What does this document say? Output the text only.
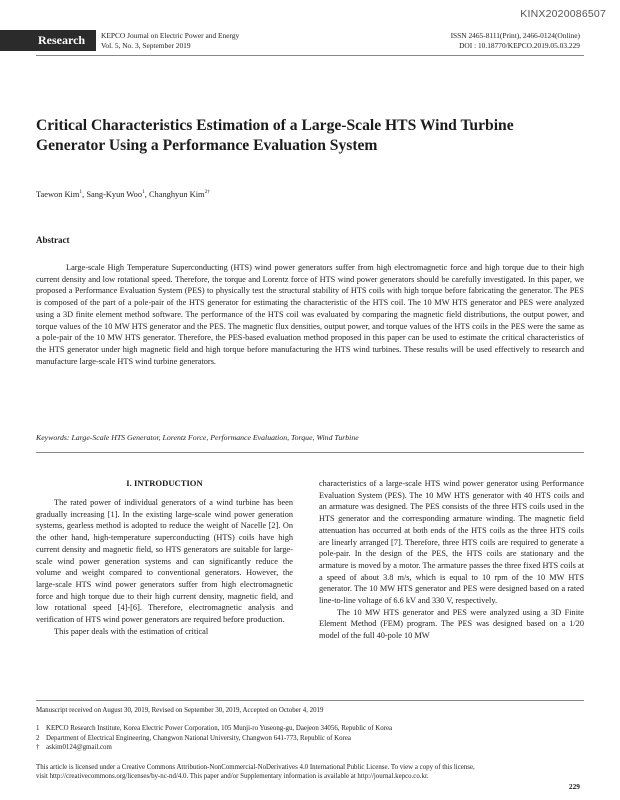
KINX2020086507
Research	KEPCO Journal on Electric Power and Energy
Vol. 5, No. 3, September 2019
ISSN 2465-8111(Print), 2466-0124(Online)
DOI : 10.18770/KEPCO.2019.05.03.229
Critical Characteristics Estimation of a Large-Scale HTS Wind Turbine
Generator Using a Performance Evaluation System
Taewon Kim$^1$, Sang-Kyun Woo$^1$, Changhyun Kim$^{2\dagger}$
Abstract

Large-scale High Temperature Superconducting (HTS) wind power generators suffer from high electromagnetic force and high torque due to their high current density and low rotational speed. Therefore, the torque and Lorentz force of HTS wind power generators should be carefully investigated. In this paper, we proposed a Performance Evaluation System (PES) to physically test the structural stability of HTS coils with high torque before fabricating the generator. The PES is composed of the part of a pole-pair of the HTS generator for estimating the characteristic of the HTS coil. The 10 MW HTS generator and PES were analyzed using a 3D finite element method software. The performance of the HTS coil was evaluated by comparing the magnetic field distributions, the output power, and torque values of the 10 MW HTS generator and the PES. The magnetic flux densities, output power, and torque values of the HTS coils in the PES were the same as a pole-pair of the 10 MW HTS generator. Therefore, the PES-based evaluation method proposed in this paper can be used to estimate the critical characteristics of the HTS generator under high magnetic field and high torque before manufacturing the HTS wind turbines. These results will be used effectively to research and manufacture large-scale HTS wind turbine generators.

Keywords: Large-Scale HTS Generator, Lorentz Force, Performance Evaluation, Torque, Wind Turbine
I. INTRODUCTION

The rated power of individual generators of a wind turbine has been gradually increasing [1]. In the existing large-scale wind power generation systems, gearless method is adopted to reduce the weight of Nacelle [2]. On the other hand, high-temperature superconducting (HTS) coils have high current density and magnetic field, so HTS generators are suitable for large-scale wind power generation systems and can significantly reduce the volume and weight compared to conventional generators. However, the large-scale HTS wind power generators suffer from high electromagnetic force and high torque due to their high current density, magnetic field, and low rotational speed [4]-[6]. Therefore, electromagnetic analysis and verification of HTS wind power generators are required before production.

This paper deals with the estimation of critical

characteristics of a large-scale HTS wind power generator using Performance Evaluation System (PES). The 10 MW HTS generator with 40 HTS coils and an armature was designed. The PES consists of the three HTS coils used in the HTS generator and the corresponding armature winding. The magnetic field attenuation has occurred at both ends of the HTS coils as the three HTS coils are linearly arranged [7]. Therefore, three HTS coils are required to generate a pole-pair. In the design of the PES, the HTS coils are stationary and the armature is moved by a motor. The armature passes the three fixed HTS coils at a speed of about 3.8 m/s, which is equal to 10 rpm of the 10 MW HTS generator. The 10 MW HTS generator and PES were designed based on a rated line-to-line voltage of 6.6 kV and 330 V, respectively.

The 10 MW HTS generator and PES were analyzed using a 3D Finite Element Method (FEM) program. The PES was designed based on a 1/20 model of the full 40-pole 10 MW

Manuscript received on August 30, 2019, Revised on September 30, 2019, Accepted on October 4, 2019
1 KEPCO Research Institute, Korea Electric Power Corporation, 105 Munji-ro Yuseong-gu, Daejeon 34056, Republic of Korea
2 Department of Electrical Engineering, Changwon National University, Changwon 641-773, Republic of Korea
† askim0124@gmail.com
This article is licensed under a Creative Commons Attribution-NonCommercial-NoDerivatives 4.0 International Public License. To view a copy of this license,
visit http://creativecommons.org/licenses/by-nc-nd/4.0. This paper and/or Supplementary information is available at http://journal.kepco.co.kr.
229
